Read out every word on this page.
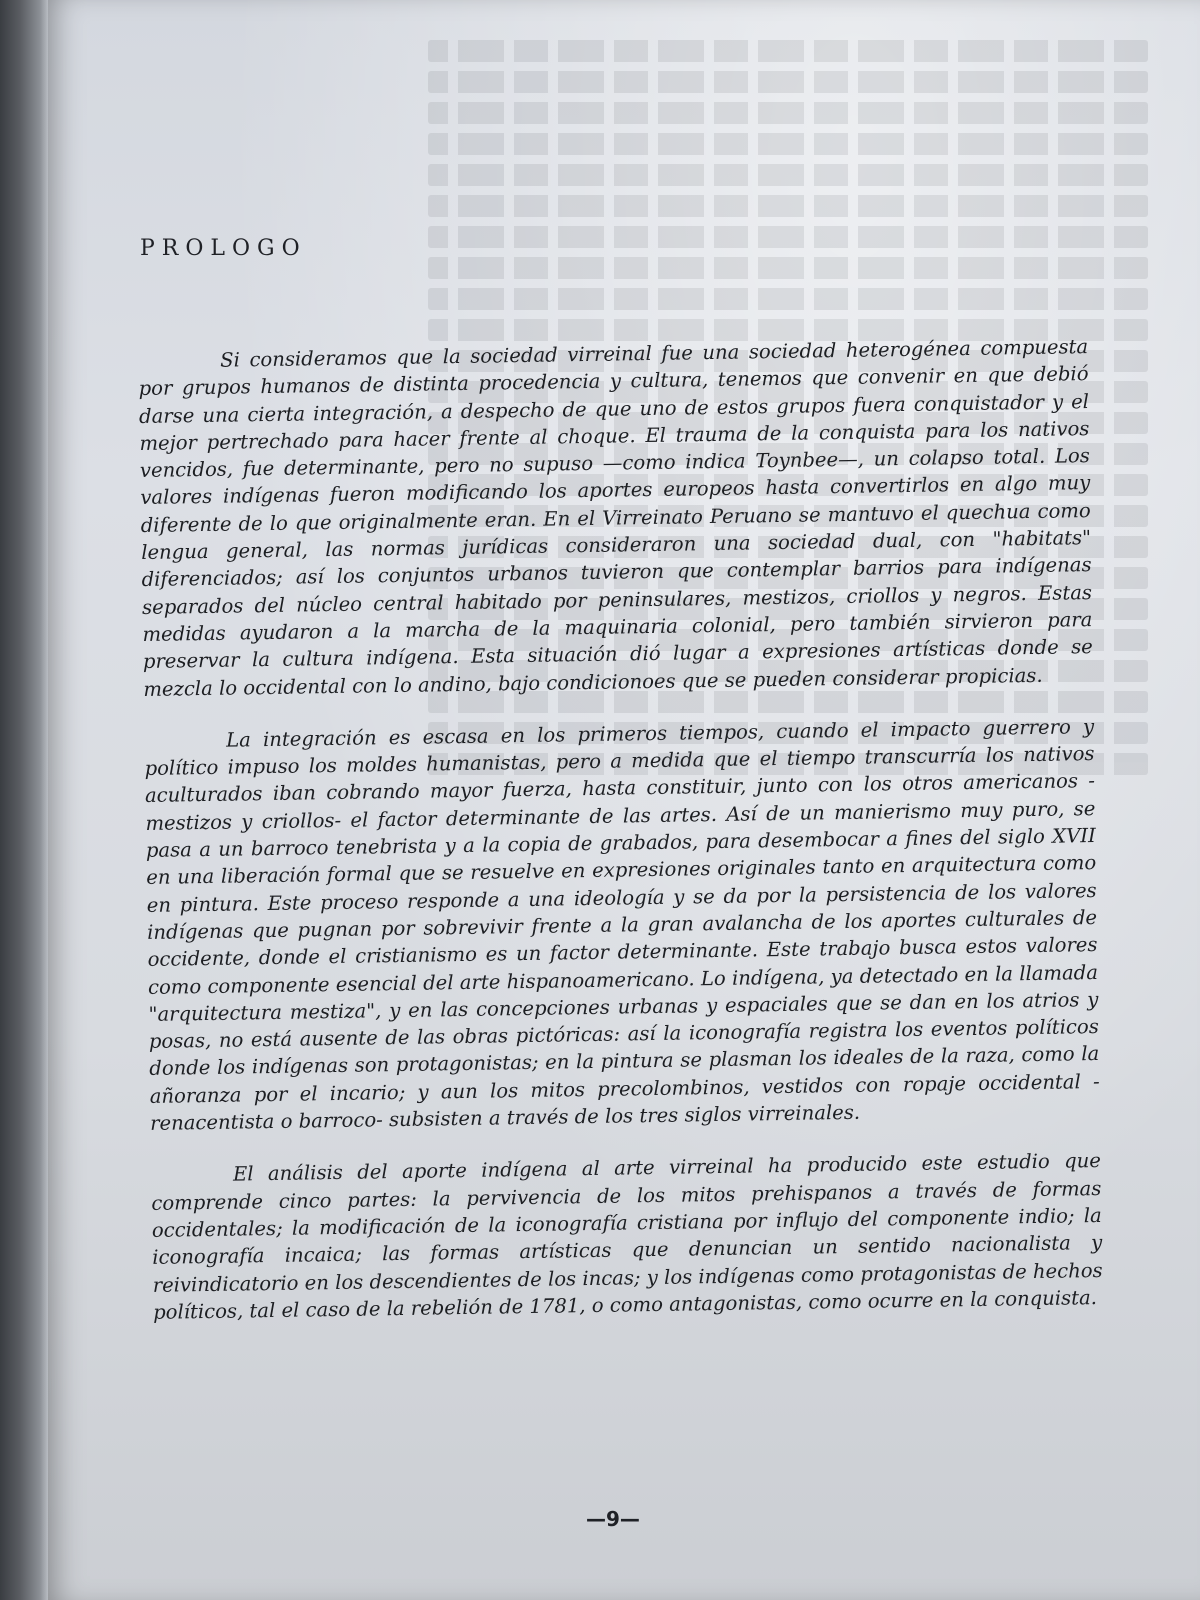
PROLOGO

Si consideramos que la sociedad virreinal fue una sociedad heterogénea compuesta por grupos humanos de distinta procedencia y cultura, tenemos que convenir en que debió darse una cierta integración, a despecho de que uno de estos grupos fuera conquistador y el mejor pertrechado para hacer frente al choque. El trauma de la conquista para los nativos vencidos, fue determinante, pero no supuso —como indica Toynbee—, un colapso total. Los valores indígenas fueron modificando los aportes europeos hasta convertirlos en algo muy diferente de lo que originalmente eran. En el Virreinato Peruano se mantuvo el quechua como lengua general, las normas jurídicas consideraron una sociedad dual, con "habitats" diferenciados; así los conjuntos urbanos tuvieron que contemplar barrios para indígenas separados del núcleo central habitado por peninsulares, mestizos, criollos y negros. Estas medidas ayudaron a la marcha de la maquinaria colonial, pero también sirvieron para preservar la cultura indígena. Esta situación dió lugar a expresiones artísticas donde se mezcla lo occidental con lo andino, bajo condicionoes que se pueden considerar propicias.

La integración es escasa en los primeros tiempos, cuando el impacto guerrero y político impuso los moldes humanistas, pero a medida que el tiempo transcurría los nativos aculturados iban cobrando mayor fuerza, hasta constituir, junto con los otros americanos -mestizos y criollos- el factor determinante de las artes. Así de un manierismo muy puro, se pasa a un barroco tenebrista y a la copia de grabados, para desembocar a fines del siglo XVII en una liberación formal que se resuelve en expresiones originales tanto en arquitectura como en pintura. Este proceso responde a una ideología y se da por la persistencia de los valores indígenas que pugnan por sobrevivir frente a la gran avalancha de los aportes culturales de occidente, donde el cristianismo es un factor determinante. Este trabajo busca estos valores como componente esencial del arte hispanoamericano. Lo indígena, ya detectado en la llamada "arquitectura mestiza", y en las concepciones urbanas y espaciales que se dan en los atrios y posas, no está ausente de las obras pictóricas: así la iconografía registra los eventos políticos donde los indígenas son protagonistas; en la pintura se plasman los ideales de la raza, como la añoranza por el incario; y aun los mitos precolombinos, vestidos con ropaje occidental -renacentista o barroco- subsisten a través de los tres siglos virreinales.

El análisis del aporte indígena al arte virreinal ha producido este estudio que comprende cinco partes: la pervivencia de los mitos prehispanos a través de formas occidentales; la modificación de la iconografía cristiana por influjo del componente indio; la iconografía incaica; las formas artísticas que denuncian un sentido nacionalista y reivindicatorio en los descendientes de los incas; y los indígenas como protagonistas de hechos políticos, tal el caso de la rebelión de 1781, o como antagonistas, como ocurre en la conquista.

—9—
